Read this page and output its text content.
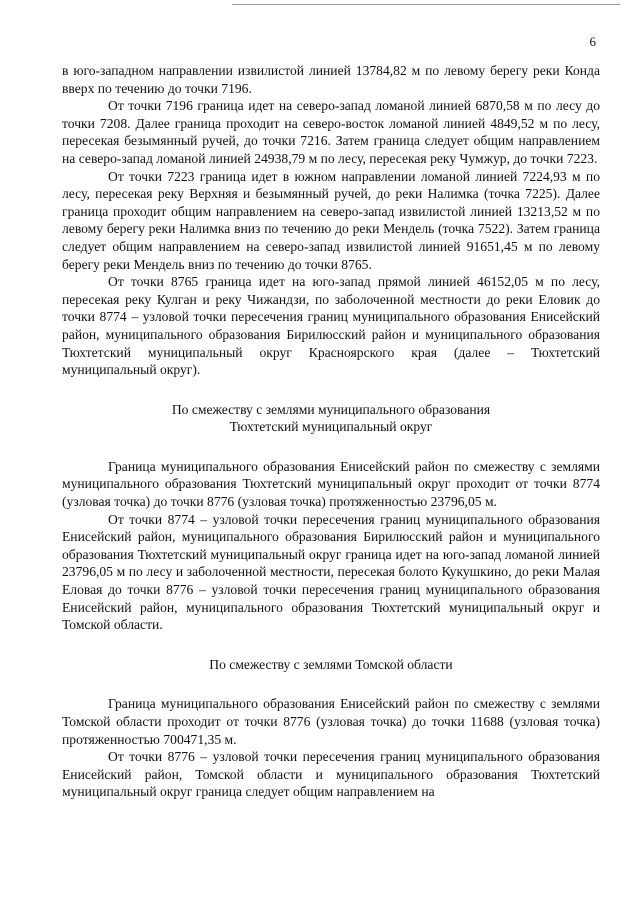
6

в юго-западном направлении извилистой линией 13784,82 м по левому берегу реки Конда вверх по течению до точки 7196.

От точки 7196 граница идет на северо-запад ломаной линией 6870,58 м по лесу до точки 7208. Далее граница проходит на северо-восток ломаной линией 4849,52 м по лесу, пересекая безымянный ручей, до точки 7216. Затем граница следует общим направлением на северо-запад ломаной линией 24938,79 м по лесу, пересекая реку Чумжур, до точки 7223.

От точки 7223 граница идет в южном направлении ломаной линией 7224,93 м по лесу, пересекая реку Верхняя и безымянный ручей, до реки Налимка (точка 7225). Далее граница проходит общим направлением на северо-запад извилистой линией 13213,52 м по левому берегу реки Налимка вниз по течению до реки Мендель (точка 7522). Затем граница следует общим направлением на северо-запад извилистой линией 91651,45 м по левому берегу реки Мендель вниз по течению до точки 8765.

От точки 8765 граница идет на юго-запад прямой линией 46152,05 м по лесу, пересекая реку Кулган и реку Чижандзи, по заболоченной местности до реки Еловик до точки 8774 – узловой точки пересечения границ муниципального образования Енисейский район, муниципального образования Бирилюсский район и муниципального образования Тюхтетский муниципальный округ Красноярского края (далее – Тюхтетский муниципальный округ).

По смежеству с землями муниципального образования
Тюхтетский муниципальный округ

Граница муниципального образования Енисейский район по смежеству с землями муниципального образования Тюхтетский муниципальный округ проходит от точки 8774 (узловая точка) до точки 8776 (узловая точка) протяженностью 23796,05 м.

От точки 8774 – узловой точки пересечения границ муниципального образования Енисейский район, муниципального образования Бирилюсский район и муниципального образования Тюхтетский муниципальный округ граница идет на юго-запад ломаной линией 23796,05 м по лесу и заболоченной местности, пересекая болото Кукушкино, до реки Малая Еловая до точки 8776 – узловой точки пересечения границ муниципального образования Енисейский район, муниципального образования Тюхтетский муниципальный округ и Томской области.

По смежеству с землями Томской области

Граница муниципального образования Енисейский район по смежеству с землями Томской области проходит от точки 8776 (узловая точка) до точки 11688 (узловая точка) протяженностью 700471,35 м.

От точки 8776 – узловой точки пересечения границ муниципального образования Енисейский район, Томской области и муниципального образования Тюхтетский муниципальный округ граница следует общим направлением на
